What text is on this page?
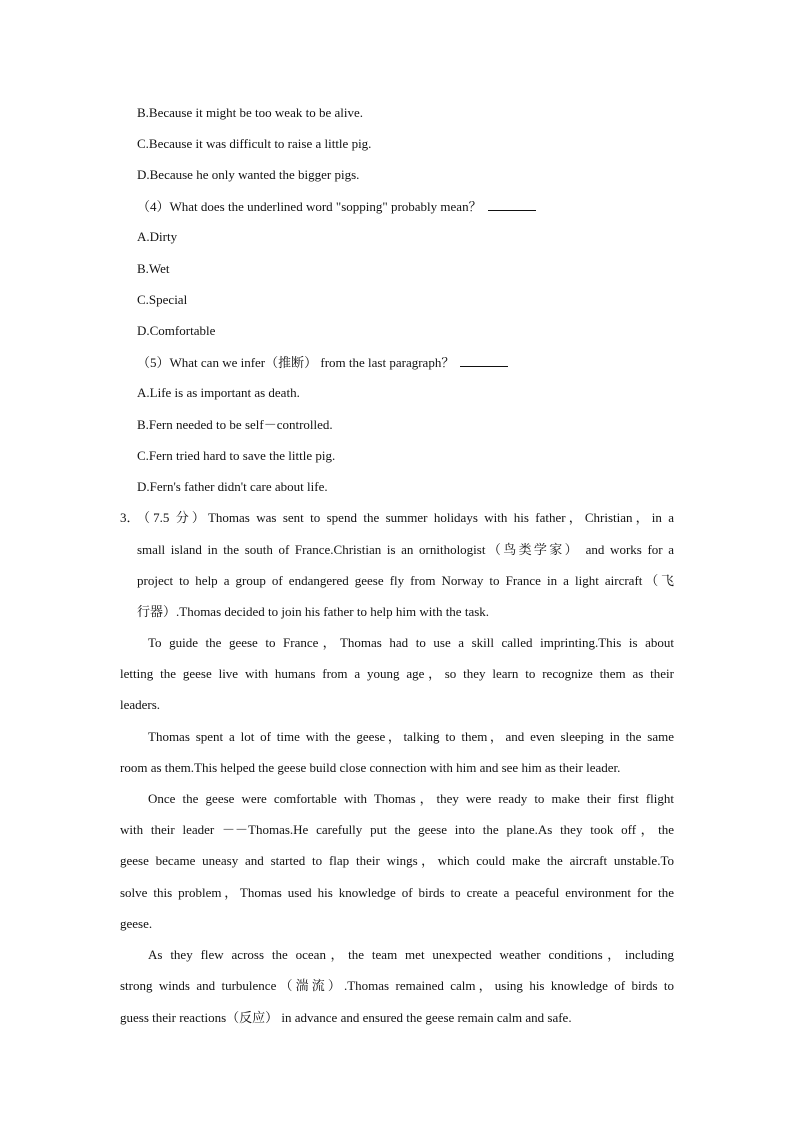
B.Because it might be too weak to be alive.
C.Because it was difficult to raise a little pig.
D.Because he only wanted the bigger pigs.
（4）What does the underlined word "sopping" probably mean？
A.Dirty
B.Wet
C.Special
D.Comfortable
（5）What can we infer（推断） from the last paragraph？
A.Life is as important as death.
B.Fern needed to be self－controlled.
C.Fern tried hard to save the little pig.
D.Fern's father didn't care about life.
3．
（7.5 分）Thomas was sent to spend the summer holidays with his father，Christian，in a
small island in the south of France.Christian is an ornithologist（鸟类学家） and works for a
project to help a group of endangered geese fly from Norway to France in a light aircraft（飞
行器）.Thomas decided to join his father to help him with the task.
To guide the geese to France，Thomas had to use a skill called imprinting.This is about
letting the geese live with humans from a young age，so they learn to recognize them as their
leaders.
Thomas spent a lot of time with the geese，talking to them，and even sleeping in the same
room as them.This helped the geese build close connection with him and see him as their leader.
Once the geese were comfortable with Thomas，they were ready to make their first flight
with their leader －－Thomas.He carefully put the geese into the plane.As they took off，the
geese became uneasy and started to flap their wings，which could make the aircraft unstable.To
solve this problem，Thomas used his knowledge of birds to create a peaceful environment for the
geese.
As they flew across the ocean，the team met unexpected weather conditions，including
strong winds and turbulence（湍流）.Thomas remained calm，using his knowledge of birds to
guess their reactions（反应） in advance and ensured the geese remain calm and safe.
